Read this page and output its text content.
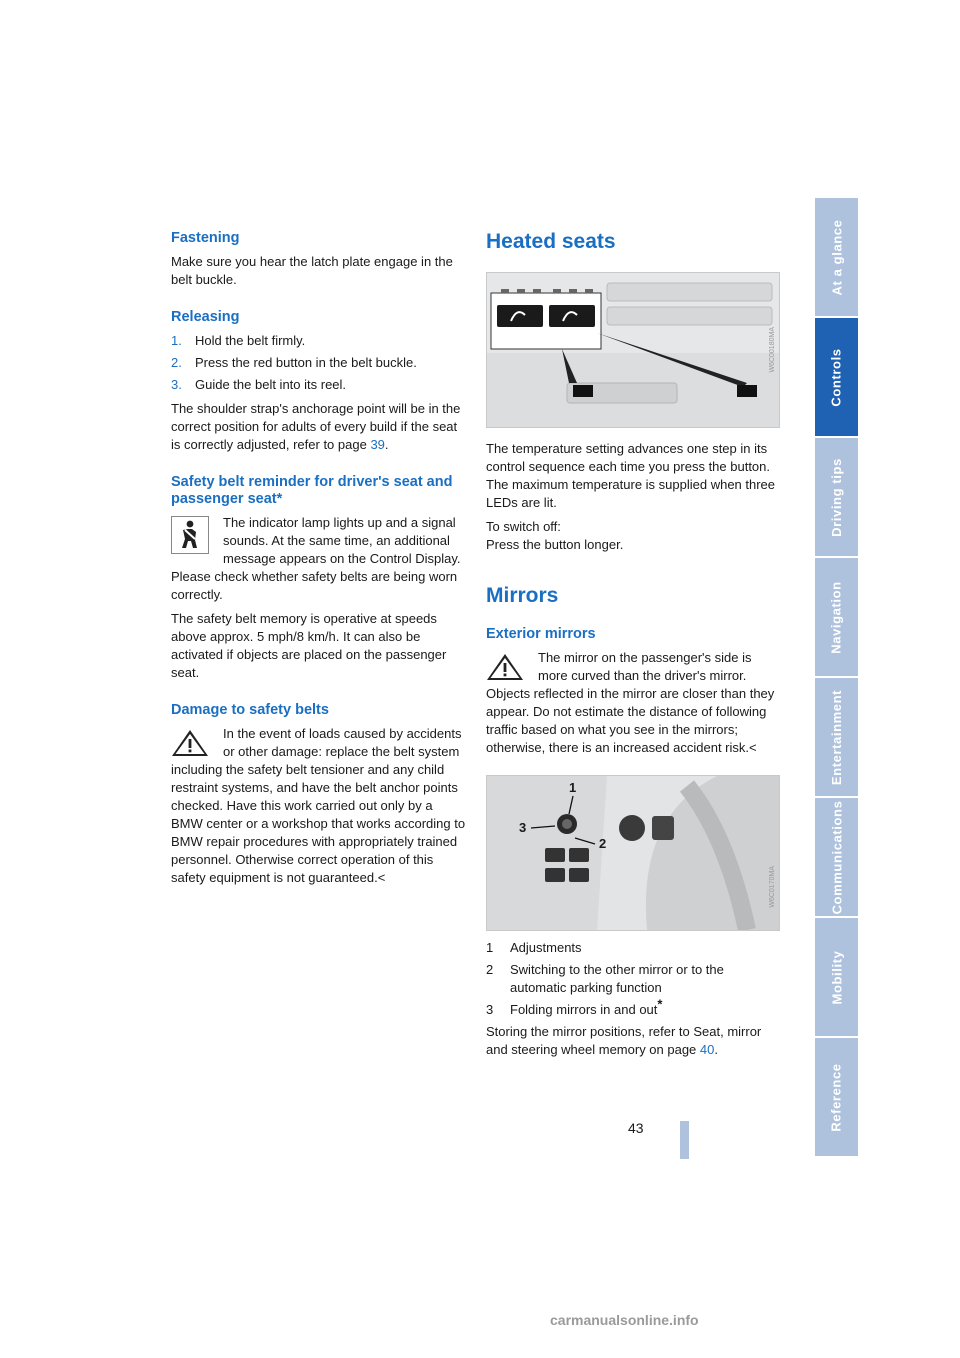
Fastening

Make sure you hear the latch plate engage in the belt buckle.

Releasing
1.	Hold the belt firmly.
2.	Press the red button in the belt buckle.
3.	Guide the belt into its reel.

The shoulder strap's anchorage point will be in the correct position for adults of every build if the seat is correctly adjusted, refer to page 39.

Safety belt reminder for driver's seat and passenger seat*

The indicator lamp lights up and a signal sounds. At the same time, an additional message appears on the Control Display. Please check whether safety belts are being worn correctly.

The safety belt memory is operative at speeds above approx. 5 mph/8 km/h. It can also be activated if objects are placed on the passenger seat.

Damage to safety belts

In the event of loads caused by accidents or other damage: replace the belt system including the safety belt tensioner and any child restraint systems, and have the belt anchor points checked. Have this work carried out only by a BMW center or a workshop that works according to BMW repair procedures with appropriately trained personnel. Otherwise correct operation of this safety equipment is not guaranteed.<

Heated seats
W6C00180MA

The temperature setting advances one step in its control sequence each time you press the button. The maximum temperature is supplied when three LEDs are lit.

To switch off:
Press the button longer.

Mirrors
Exterior mirrors

The mirror on the passenger's side is more curved than the driver's mirror. Objects reflected in the mirror are closer than they appear. Do not estimate the distance of following traffic based on what you see in the mirrors; otherwise, there is an increased accident risk.<

1
2
3
W6C0170MA
1	Adjustments
2	Switching to the other mirror or to the automatic parking function
3	Folding mirrors in and out*

Storing the mirror positions, refer to Seat, mirror and steering wheel memory on page 40.

At a glance
Controls
Driving tips
Navigation
Entertainment
Communications
Mobility
Reference
43
carmanualsonline.info
